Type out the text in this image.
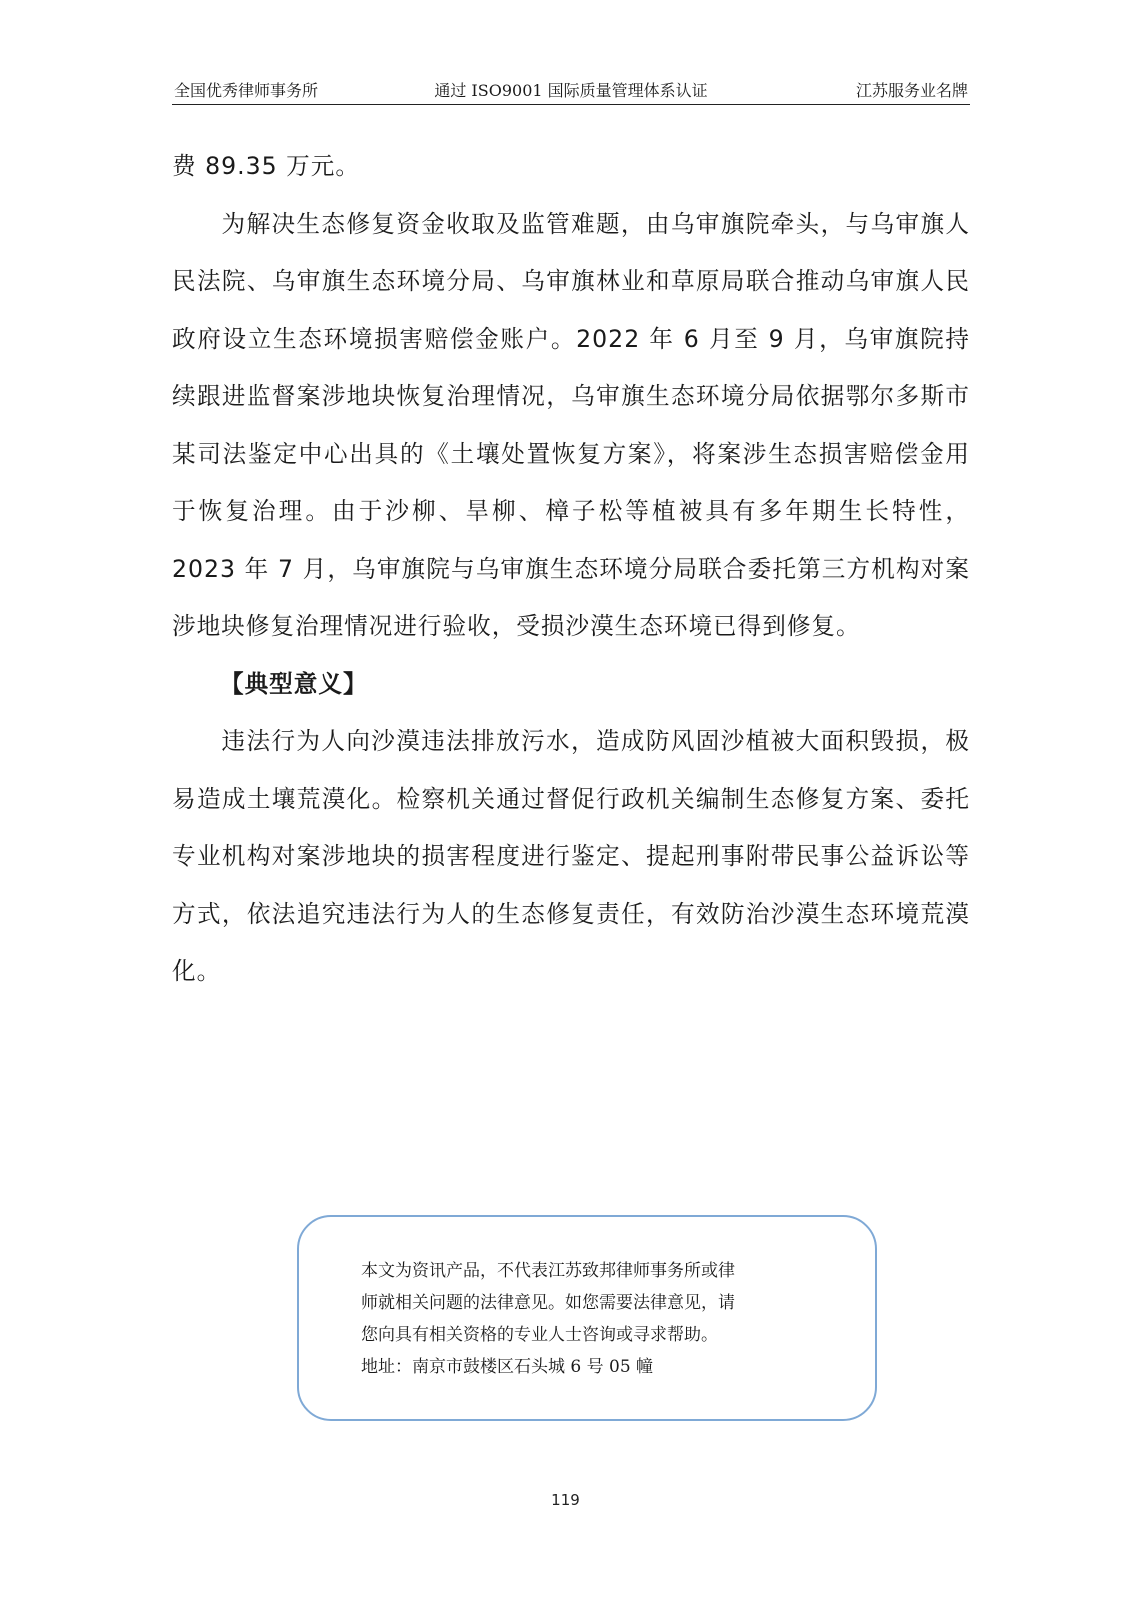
全国优秀律师事务所	通过 ISO9001 国际质量管理体系认证	江苏服务业名牌

费 89.35 万元。

为解决生态修复资金收取及监管难题，由乌审旗院牵头，与乌审旗人民法院、乌审旗生态环境分局、乌审旗林业和草原局联合推动乌审旗人民政府设立生态环境损害赔偿金账户。2022 年 6 月至 9 月，乌审旗院持续跟进监督案涉地块恢复治理情况，乌审旗生态环境分局依据鄂尔多斯市某司法鉴定中心出具的《土壤处置恢复方案》，将案涉生态损害赔偿金用于恢复治理。由于沙柳、旱柳、樟子松等植被具有多年期生长特性，2023 年 7 月，乌审旗院与乌审旗生态环境分局联合委托第三方机构对案涉地块修复治理情况进行验收，受损沙漠生态环境已得到修复。

【典型意义】

违法行为人向沙漠违法排放污水，造成防风固沙植被大面积毁损，极易造成土壤荒漠化。检察机关通过督促行政机关编制生态修复方案、委托专业机构对案涉地块的损害程度进行鉴定、提起刑事附带民事公益诉讼等方式，依法追究违法行为人的生态修复责任，有效防治沙漠生态环境荒漠化。

本文为资讯产品，不代表江苏致邦律师事务所或律
师就相关问题的法律意见。如您需要法律意见，请
您向具有相关资格的专业人士咨询或寻求帮助。
地址：南京市鼓楼区石头城 6 号 05 幢
119
